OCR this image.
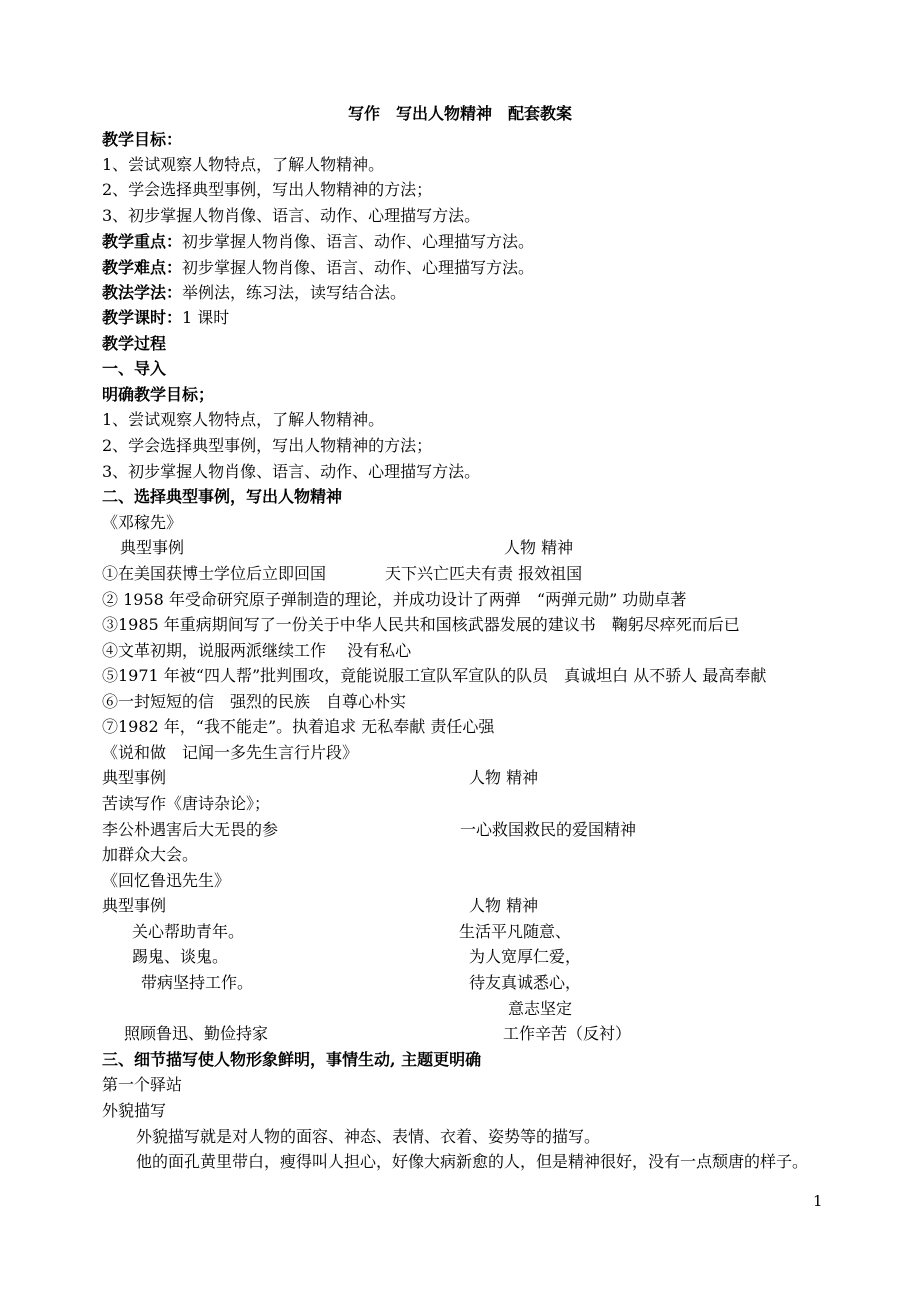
写作　写出人物精神　配套教案
教学目标：
1、尝试观察人物特点，了解人物精神。
2、学会选择典型事例，写出人物精神的方法；
3、初步掌握人物肖像、语言、动作、心理描写方法。
教学重点：初步掌握人物肖像、语言、动作、心理描写方法。
教学难点：初步掌握人物肖像、语言、动作、心理描写方法。
教法学法：举例法，练习法，读写结合法。
教学课时：1 课时
教学过程
一、导入
明确教学目标；
1、尝试观察人物特点，了解人物精神。
2、学会选择典型事例，写出人物精神的方法；
3、初步掌握人物肖像、语言、动作、心理描写方法。
二、选择典型事例，写出人物精神
《邓稼先》
典型事例	人物 精神
①在美国获博士学位后立即回国	天下兴亡匹夫有责 报效祖国
② 1958 年受命研究原子弹制造的理论，并成功设计了两弹　“两弹元勋” 功勋卓著
③1985 年重病期间写了一份关于中华人民共和国核武器发展的建议书　鞠躬尽瘁死而后已
④文革初期，说服两派继续工作　 没有私心
⑤1971 年被“四人帮”批判围攻，竟能说服工宣队军宣队的队员　真诚坦白 从不骄人 最高奉献
⑥一封短短的信　强烈的民族　自尊心朴实
⑦1982 年，“我不能走”。执着追求 无私奉献 责任心强
《说和做　记闻一多先生言行片段》
典型事例	人物 精神
苦读写作《唐诗杂论》；
李公朴遇害后大无畏的参	一心救国救民的爱国精神
加群众大会。
《回忆鲁迅先生》
典型事例	人物 精神
关心帮助青年。	生活平凡随意、
踢鬼、谈鬼。	为人宽厚仁爱，
带病坚持工作。	待友真诚悉心，
意志坚定
照顾鲁迅、勤俭持家	工作辛苦（反衬）
三、细节描写使人物形象鲜明，事情生动, 主题更明确
第一个驿站
外貌描写
外貌描写就是对人物的面容、神态、表情、衣着、姿势等的描写。
他的面孔黄里带白，瘦得叫人担心，好像大病新愈的人，但是精神很好，没有一点颓唐的样子。
1
